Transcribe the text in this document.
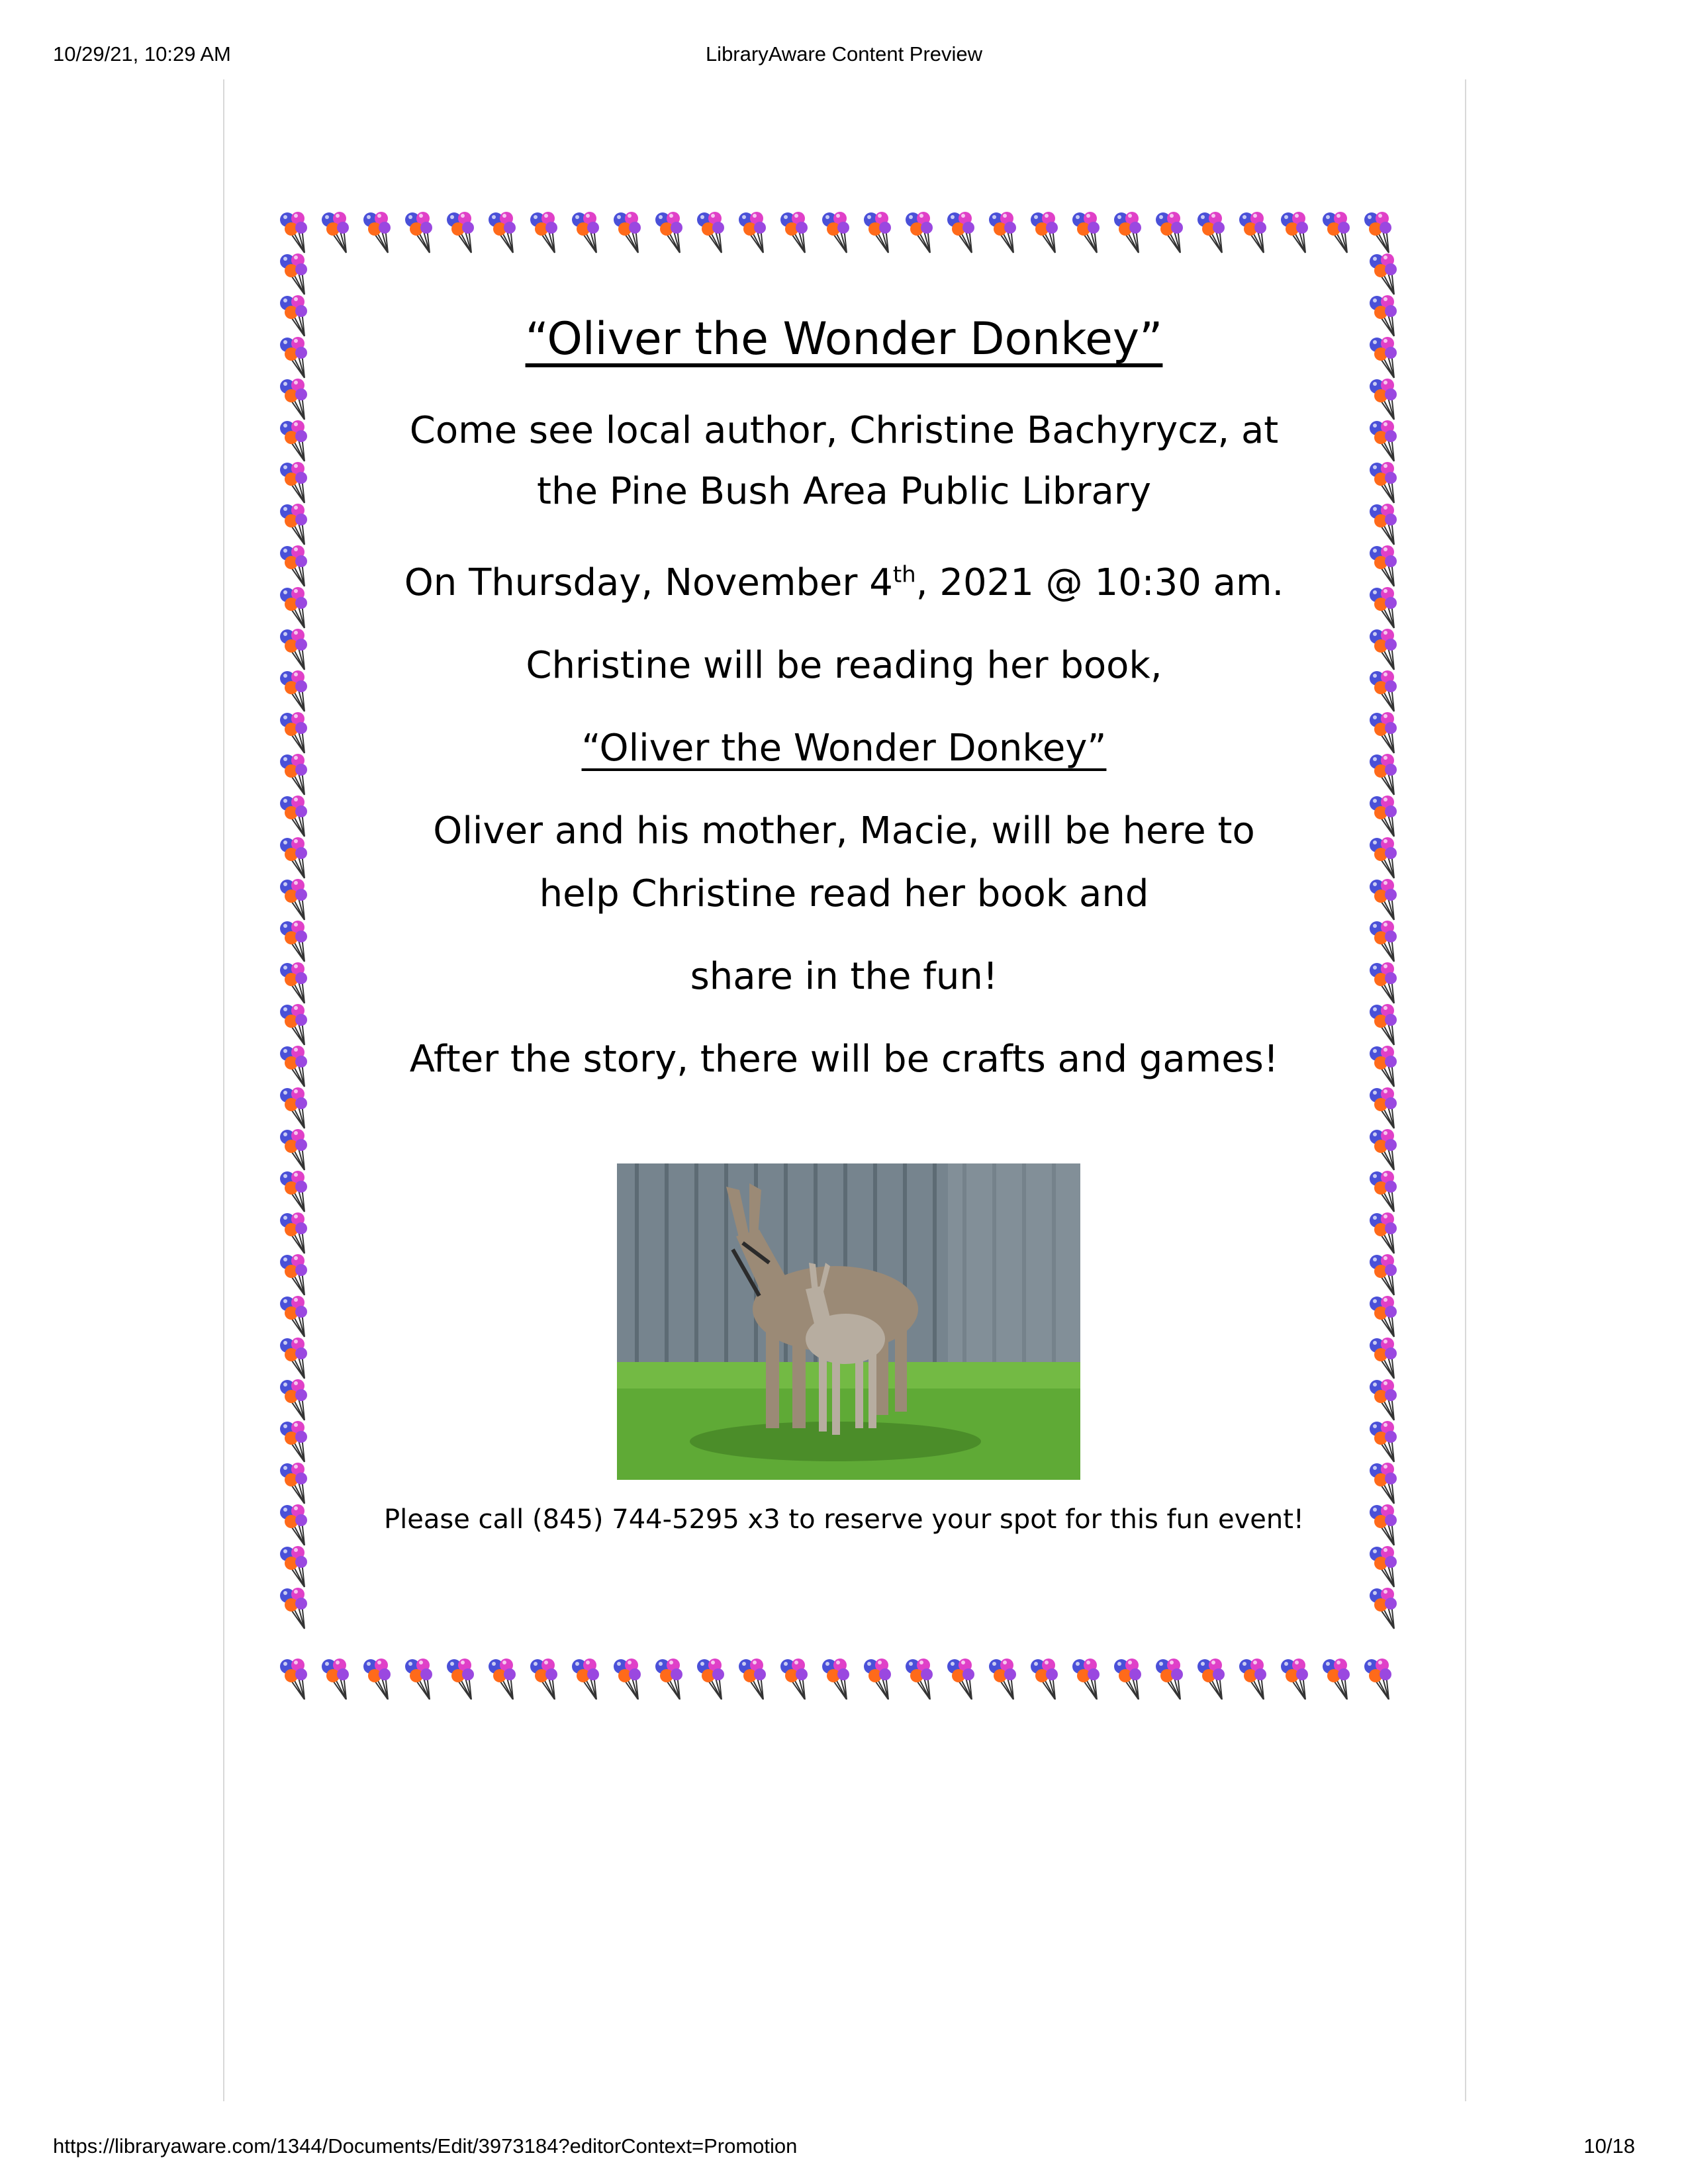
10/29/21, 10:29 AM	LibraryAware Content Preview
“Oliver the Wonder Donkey”
Come see local author, Christine Bachyrycz, at
the Pine Bush Area Public Library
On Thursday, November 4th, 2021 @ 10:30 am.
Christine will be reading her book,
“Oliver the Wonder Donkey”
Oliver and his mother, Macie, will be here to
help Christine read her book and
share in the fun!
After the story, there will be crafts and games!
Please call (845) 744-5295 x3 to reserve your spot for this fun event!
https://libraryaware.com/1344/Documents/Edit/3973184?editorContext=Promotion	10/18
